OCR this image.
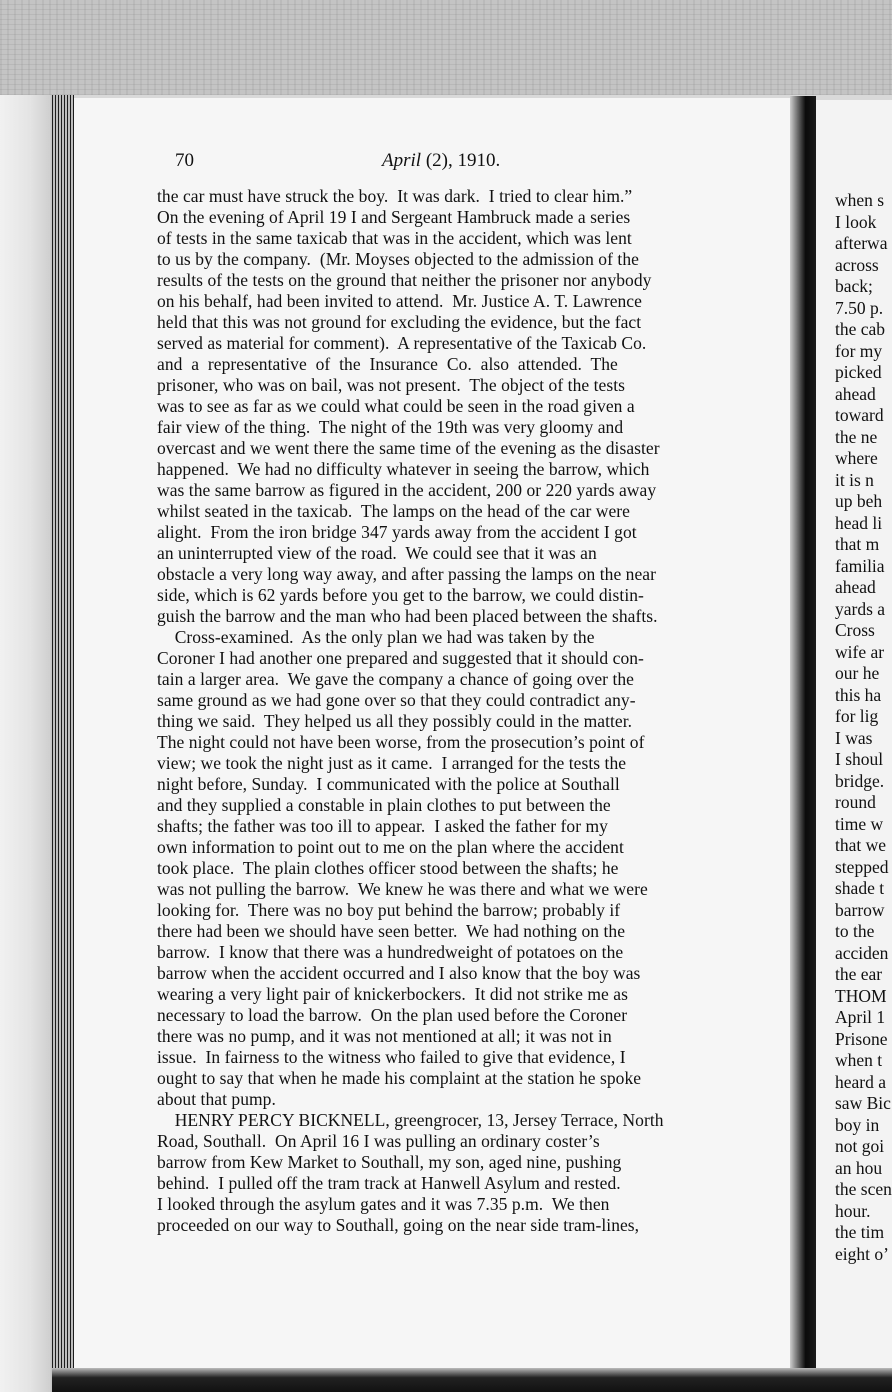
70	April (2), 1910.
the car must have struck the boy.  It was dark.  I tried to clear him.”
On the evening of April 19 I and Sergeant Hambruck made a series
of tests in the same taxicab that was in the accident, which was lent
to us by the company.  (Mr. Moyses objected to the admission of the
results of the tests on the ground that neither the prisoner nor anybody
on his behalf, had been invited to attend.  Mr. Justice A. T. Lawrence
held that this was not ground for excluding the evidence, but the fact
served as material for comment).  A representative of the Taxicab Co.
and  a  representative  of  the  Insurance  Co.  also  attended.  The
prisoner, who was on bail, was not present.  The object of the tests
was to see as far as we could what could be seen in the road given a
fair view of the thing.  The night of the 19th was very gloomy and
overcast and we went there the same time of the evening as the disaster
happened.  We had no difficulty whatever in seeing the barrow, which
was the same barrow as figured in the accident, 200 or 220 yards away
whilst seated in the taxicab.  The lamps on the head of the car were
alight.  From the iron bridge 347 yards away from the accident I got
an uninterrupted view of the road.  We could see that it was an
obstacle a very long way away, and after passing the lamps on the near
side, which is 62 yards before you get to the barrow, we could distin-
guish the barrow and the man who had been placed between the shafts.
Cross-examined.  As the only plan we had was taken by the
Coroner I had another one prepared and suggested that it should con-
tain a larger area.  We gave the company a chance of going over the
same ground as we had gone over so that they could contradict any-
thing we said.  They helped us all they possibly could in the matter.
The night could not have been worse, from the prosecution’s point of
view; we took the night just as it came.  I arranged for the tests the
night before, Sunday.  I communicated with the police at Southall
and they supplied a constable in plain clothes to put between the
shafts; the father was too ill to appear.  I asked the father for my
own information to point out to me on the plan where the accident
took place.  The plain clothes officer stood between the shafts; he
was not pulling the barrow.  We knew he was there and what we were
looking for.  There was no boy put behind the barrow; probably if
there had been we should have seen better.  We had nothing on the
barrow.  I know that there was a hundredweight of potatoes on the
barrow when the accident occurred and I also know that the boy was
wearing a very light pair of knickerbockers.  It did not strike me as
necessary to load the barrow.  On the plan used before the Coroner
there was no pump, and it was not mentioned at all; it was not in
issue.  In fairness to the witness who failed to give that evidence, I
ought to say that when he made his complaint at the station he spoke
about that pump.
HENRY PERCY BICKNELL, greengrocer, 13, Jersey Terrace, North
Road, Southall.  On April 16 I was pulling an ordinary coster’s
barrow from Kew Market to Southall, my son, aged nine, pushing
behind.  I pulled off the tram track at Hanwell Asylum and rested.
I looked through the asylum gates and it was 7.35 p.m.  We then
proceeded on our way to Southall, going on the near side tram-lines,
when s
I look
afterwa
across
back;
7.50 p.
the cab
for my
picked
ahead
toward
the ne
where
it is n
up beh
head li
that m
familia
ahead
yards a
Cross
wife ar
our he
this ha
for lig
I was
I shoul
bridge.
round
time w
that we
stepped
shade t
barrow
to the
acciden
the ear
THOM
April 1
Prisone
when t
heard a
saw Bic
boy in
not goi
an hou
the scen
hour.
the tim
eight o’
